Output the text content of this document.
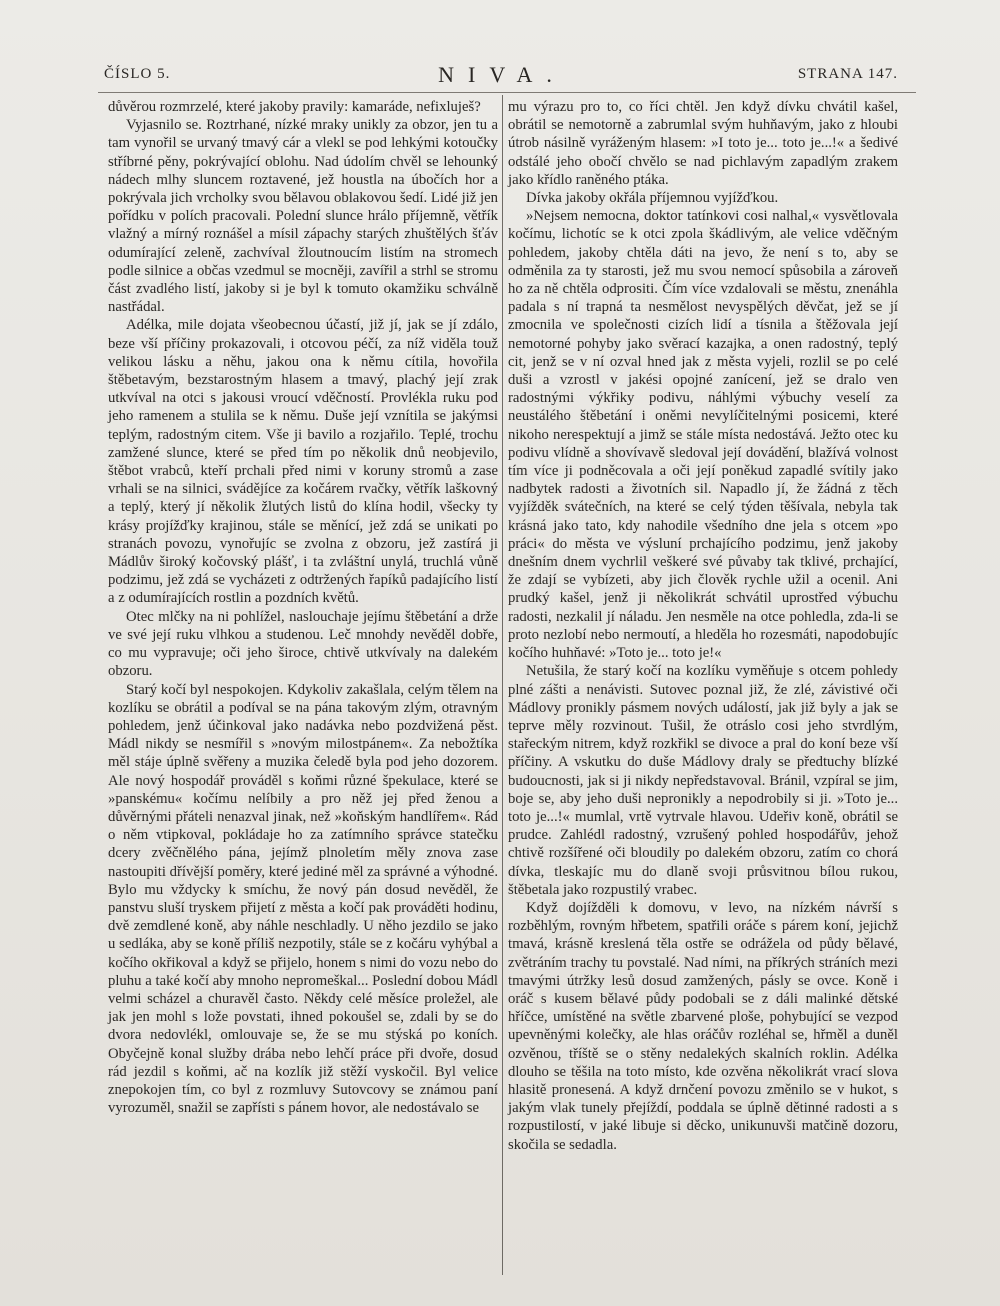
ČÍSLO 5.	NIVA.	STRANA 147.

důvěrou rozmrzelé, které jakoby pravily: kamaráde, nefixluješ?

Vyjasnilo se. Roztrhané, nízké mraky unikly za obzor, jen tu a tam vynořil se urvaný tmavý cár a vlekl se pod lehkými kotoučky stříbrné pěny, pokrývající oblohu. Nad údolím chvěl se lehounký nádech mlhy sluncem roztavené, jež houstla na úbočích hor a pokrývala jich vrcholky svou bělavou oblakovou šedí. Lidé již jen pořídku v polích pracovali. Polední slunce hrálo příjemně, větřík vlažný a mírný roznášel a mísil zápachy starých zhuštělých šťáv odumírající zeleně, zachvíval žloutnoucím listím na stromech podle silnice a občas vzedmul se mocněji, zavířil a strhl se stromu část zvadlého listí, jakoby si je byl k tomuto okamžiku schválně nastřádal.

Adélka, mile dojata všeobecnou účastí, již jí, jak se jí zdálo, beze vší příčiny prokazovali, i otcovou péčí, za níž viděla touž velikou lásku a něhu, jakou ona k němu cítila, hovořila štěbetavým, bezstarostným hlasem a tmavý, plachý její zrak utkvíval na otci s jakousi vroucí vděčností. Provlékla ruku pod jeho ramenem a stulila se k němu. Duše její vznítila se jakýmsi teplým, radostným citem. Vše ji bavilo a rozjařilo. Teplé, trochu zamžené slunce, které se před tím po několik dnů neobjevilo, štěbot vrabců, kteří prchali před nimi v koruny stromů a zase vrhali se na silnici, svádějíce za kočárem rvačky, větřík laškovný a teplý, který jí několik žlutých listů do klína hodil, všecky ty krásy projížďky krajinou, stále se měnící, jež zdá se unikati po stranách povozu, vynořujíc se zvolna z obzoru, jež zastírá ji Mádlův široký kočovský plášť, i ta zvláštní unylá, truchlá vůně podzimu, jež zdá se vycházeti z odtržených řapíků padajícího listí a z odumírajících rostlin a pozdních květů.

Otec mlčky na ni pohlížel, naslouchaje jejímu štěbetání a drže ve své její ruku vlhkou a studenou. Leč mnohdy nevěděl dobře, co mu vypravuje; oči jeho široce, chtivě utkvívaly na dalekém obzoru.

Starý kočí byl nespokojen. Kdykoliv zakašlala, celým tělem na kozlíku se obrátil a podíval se na pána takovým zlým, otravným pohledem, jenž účinkoval jako nadávka nebo pozdvižená pěst. Mádl nikdy se nesmířil s »novým milostpánem«. Za nebožtíka měl stáje úplně svěřeny a muzika čeledě byla pod jeho dozorem. Ale nový hospodář prováděl s koňmi různé špekulace, které se »panskému« kočímu nelíbily a pro něž jej před ženou a důvěrnými přáteli nenazval jinak, než »koňským handlířem«. Rád o něm vtipkoval, pokládaje ho za zatímního správce statečku dcery zvěčnělého pána, jejímž plnoletím měly znova zase nastoupiti dřívější poměry, které jediné měl za správné a výhodné. Bylo mu vždycky k smíchu, že nový pán dosud nevěděl, že panstvu sluší tryskem přijetí z města a kočí pak prováděti hodinu, dvě zemdlené koně, aby náhle neschladly. U něho jezdilo se jako u sedláka, aby se koně příliš nezpotily, stále se z kočáru vyhýbal a kočího okřikoval a když se přijelo, honem s nimi do vozu nebo do pluhu a také kočí aby mnoho nepromeškal... Poslední dobou Mádl velmi scházel a churavěl často. Někdy celé měsíce proležel, ale jak jen mohl s lože povstati, ihned pokoušel se, zdali by se do dvora nedovlékl, omlouvaje se, že se mu stýská po koních. Obyčejně konal služby drába nebo lehčí práce při dvoře, dosud rád jezdil s koňmi, ač na kozlík již stěží vyskočil. Byl velice znepokojen tím, co byl z rozmluvy Sutovcovy se známou paní vyrozuměl, snažil se zapřísti s pánem hovor, ale nedostávalo se

mu výrazu pro to, co říci chtěl. Jen když dívku chvátil kašel, obrátil se nemotorně a zabrumlal svým huhňavým, jako z hloubi útrob násilně vyráženým hlasem: »I toto je... toto je...!« a šedivé odstálé jeho obočí chvělo se nad pichlavým zapadlým zrakem jako křídlo raněného ptáka.

Dívka jakoby okřála příjemnou vyjížďkou.

»Nejsem nemocna, doktor tatínkovi cosi nalhal,« vysvětlovala kočímu, lichotíc se k otci zpola škádlivým, ale velice vděčným pohledem, jakoby chtěla dáti na jevo, že není s to, aby se odměnila za ty starosti, jež mu svou nemocí spůsobila a zároveň ho za ně chtěla odprositi. Čím více vzdalovali se městu, znenáhla padala s ní trapná ta nesmělost nevyspělých děvčat, jež se jí zmocnila ve společnosti cizích lidí a tísnila a štěžovala její nemotorné pohyby jako svěrací kazajka, a onen radostný, teplý cit, jenž se v ní ozval hned jak z města vyjeli, rozlil se po celé duši a vzrostl v jakési opojné zanícení, jež se dralo ven radostnými výkřiky podivu, náhlými výbuchy veselí za neustálého štěbetání i oněmi nevylíčitelnými posicemi, které nikoho nerespektují a jimž se stále místa nedostává. Ježto otec ku podivu vlídně a shovívavě sledoval její dovádění, blažívá volnost tím více ji podněcovala a oči její poněkud zapadlé svítily jako nadbytek radosti a životních sil. Napadlo jí, že žádná z těch vyjížděk svátečních, na které se celý týden těšívala, nebyla tak krásná jako tato, kdy nahodile všedního dne jela s otcem »po práci« do města ve výsluní prchajícího podzimu, jenž jakoby dnešním dnem vychrlil veškeré své půvaby tak tklivé, prchající, že zdají se vybízeti, aby jich člověk rychle užil a ocenil. Ani prudký kašel, jenž ji několikrát schvátil uprostřed výbuchu radosti, nezkalil jí náladu. Jen nesměle na otce pohledla, zda-li se proto nezlobí nebo nermoutí, a hleděla ho rozesmáti, napodobujíc kočího huhňavé: »Toto je... toto je!«

Netušila, že starý kočí na kozlíku vyměňuje s otcem pohledy plné zášti a nenávisti. Sutovec poznal již, že zlé, závistivé oči Mádlovy pronikly pásmem nových událostí, jak již byly a jak se teprve měly rozvinout. Tušil, že otráslo cosi jeho stvrdlým, stařeckým nitrem, když rozkřikl se divoce a pral do koní beze vší příčiny. A vskutku do duše Mádlovy draly se předtuchy blízké budoucnosti, jak si ji nikdy nepředstavoval. Bránil, vzpíral se jim, boje se, aby jeho duši nepronikly a nepodrobily si ji. »Toto je... toto je...!« mumlal, vrtě vytrvale hlavou. Udeřiv koně, obrátil se prudce. Zahlédl radostný, vzrušený pohled hospodářův, jehož chtivě rozšířené oči bloudily po dalekém obzoru, zatím co chorá dívka, tleskajíc mu do dlaně svoji průsvitnou bílou rukou, štěbetala jako rozpustilý vrabec.

Když dojížděli k domovu, v levo, na nízkém návrší s rozběhlým, rovným hřbetem, spatřili oráče s párem koní, jejichž tmavá, krásně kreslená těla ostře se odrážela od půdy bělavé, zvětráním trachy tu povstalé. Nad ními, na příkrých stráních mezi tmavými útržky lesů dosud zamžených, pásly se ovce. Koně i oráč s kusem bělavé půdy podobali se z dáli malinké dětské hříčce, umístěné na světle zbarvené ploše, pohybující se vezpod upevněnými kolečky, ale hlas oráčův rozléhal se, hřměl a duněl ozvěnou, tříště se o stěny nedalekých skalních roklin. Adélka dlouho se těšila na toto místo, kde ozvěna několikrát vrací slova hlasitě pronesená. A když drnčení povozu změnilo se v hukot, s jakým vlak tunely přejíždí, poddala se úplně dětinné radosti a s rozpustilostí, v jaké libuje si děcko, unikunuvši matčině dozoru, skočila se sedadla.
